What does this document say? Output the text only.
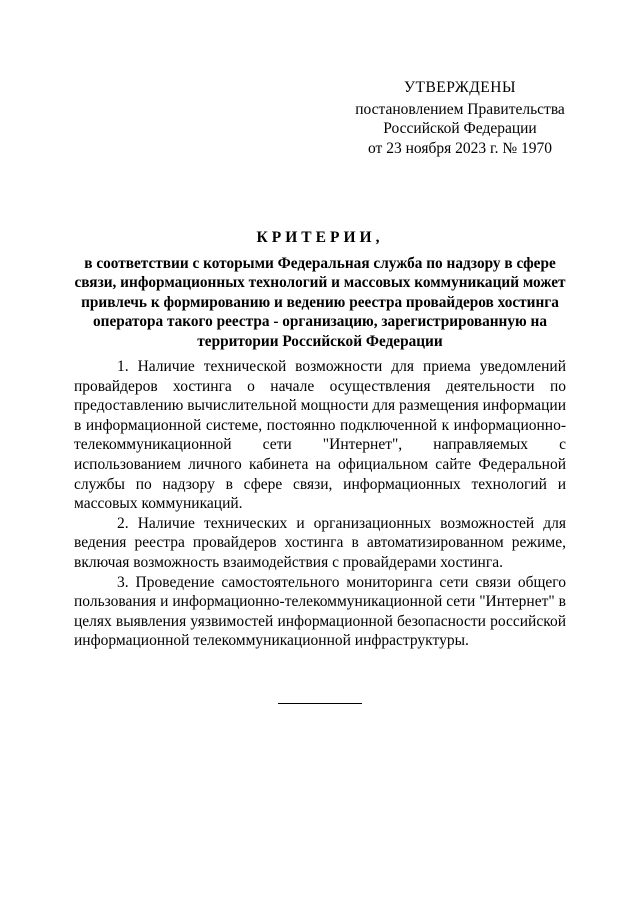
УТВЕРЖДЕНЫ
постановлением Правительства
Российской Федерации
от 23 ноября 2023 г. № 1970
КРИТЕРИИ,
в соответствии с которыми Федеральная служба по надзору в сфере связи, информационных технологий и массовых коммуникаций может привлечь к формированию и ведению реестра провайдеров хостинга оператора такого реестра - организацию, зарегистрированную на территории Российской Федерации

1. Наличие технической возможности для приема уведомлений провайдеров хостинга о начале осуществления деятельности по предоставлению вычислительной мощности для размещения информации в информационной системе, постоянно подключенной к информационно-телекоммуникационной сети "Интернет", направляемых с использованием личного кабинета на официальном сайте Федеральной службы по надзору в сфере связи, информационных технологий и массовых коммуникаций.

2. Наличие технических и организационных возможностей для ведения реестра провайдеров хостинга в автоматизированном режиме, включая возможность взаимодействия с провайдерами хостинга.

3. Проведение самостоятельного мониторинга сети связи общего пользования и информационно-телекоммуникационной сети "Интернет" в целях выявления уязвимостей информационной безопасности российской информационной телекоммуникационной инфраструктуры.
